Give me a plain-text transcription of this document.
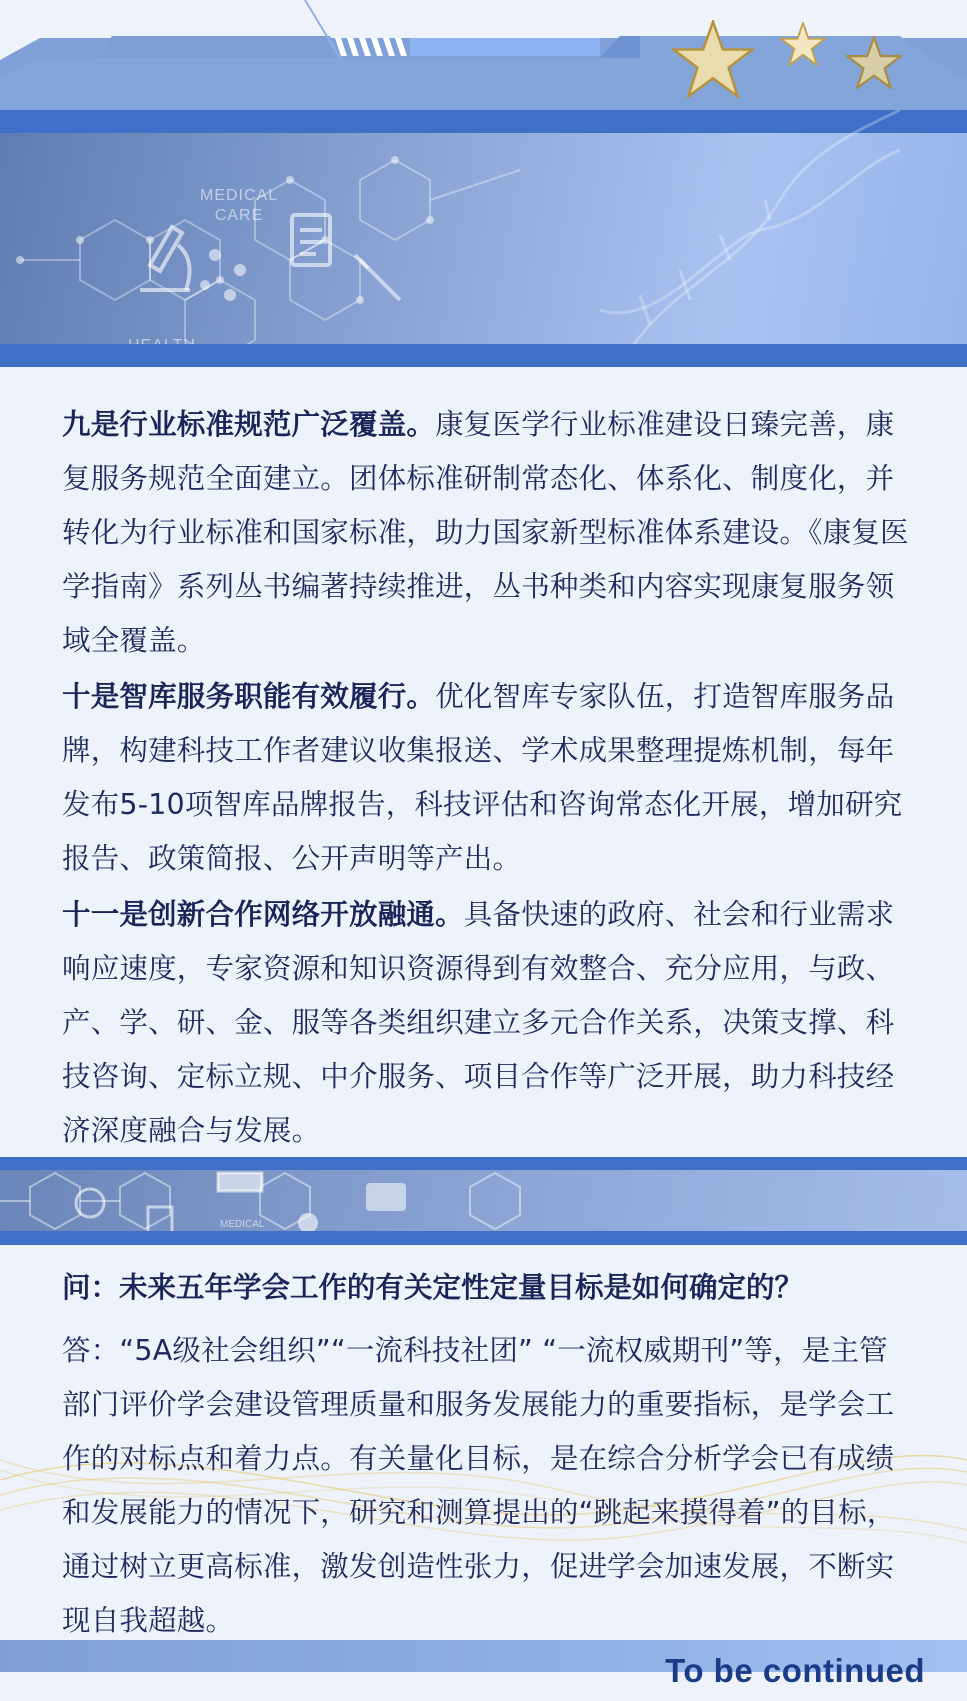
MEDICAL
CARE

九是行业标准规范广泛覆盖。康复医学行业标准建设日臻完善，康复服务规范全面建立。团体标准研制常态化、体系化、制度化，并转化为行业标准和国家标准，助力国家新型标准体系建设。《康复医学指南》系列丛书编著持续推进，丛书种类和内容实现康复服务领域全覆盖。

十是智库服务职能有效履行。优化智库专家队伍，打造智库服务品牌，构建科技工作者建议收集报送、学术成果整理提炼机制，每年发布5-10项智库品牌报告，科技评估和咨询常态化开展，增加研究报告、政策简报、公开声明等产出。

十一是创新合作网络开放融通。具备快速的政府、社会和行业需求响应速度，专家资源和知识资源得到有效整合、充分应用，与政、产、学、研、金、服等各类组织建立多元合作关系，决策支撑、科技咨询、定标立规、中介服务、项目合作等广泛开展，助力科技经济深度融合与发展。

MEDICAL

问：未来五年学会工作的有关定性定量目标是如何确定的？

答：“5A级社会组织”“一流科技社团” “一流权威期刊”等，是主管部门评价学会建设管理质量和服务发展能力的重要指标，是学会工作的对标点和着力点。有关量化目标，是在综合分析学会已有成绩和发展能力的情况下，研究和测算提出的“跳起来摸得着”的目标，通过树立更高标准，激发创造性张力，促进学会加速发展，不断实现自我超越。

To be continued
